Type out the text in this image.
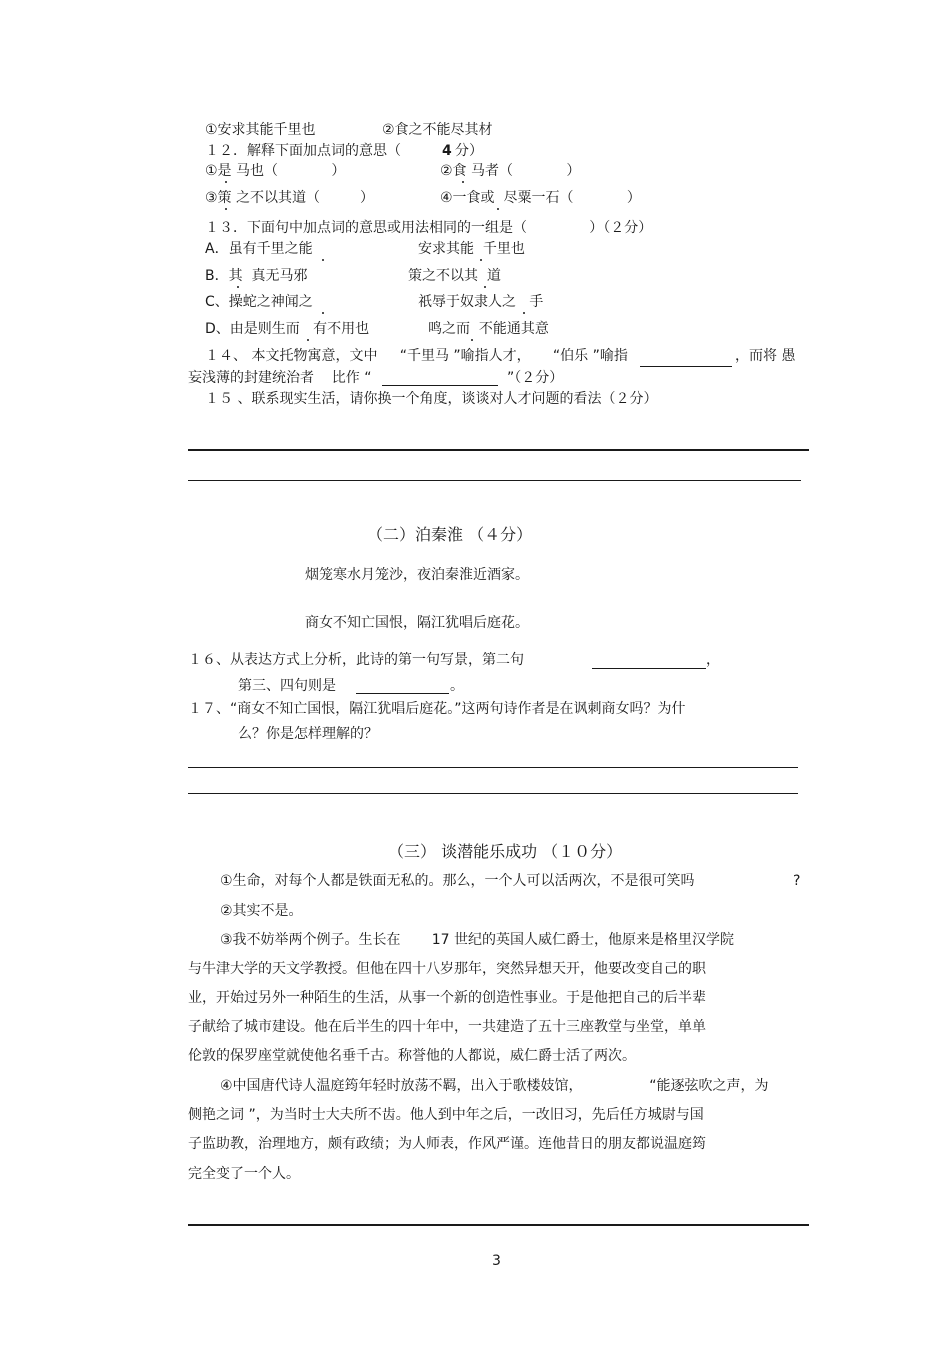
①安求其能千里也	②食之不能尽其材
１２．解释下面加点词的意思（	4 分）
①是 马也（            ）	②食 马者（            ）
③策 之不以其道（         ）	④一食或  尽粟一石（            ）
１３．下面句中加点词的意思或用法相同的一组是（              ）（２分）
A．虽有千里之能	安求其能  千里也
B．其  真无马邪	策之不以其  道
C、操蛇之神闻之	祇辱于奴隶人之   手
D、由是则生而   有不用也	鸣之而  不能通其意
１４、 本文托物寓意，文中     “千里马 ”喻指人才，     “伯乐 ”喻指	，而将 愚
妄浅薄的封建统治者    比作 “	”（２分）
１５ 、联系现实生活，请你换一个角度，谈谈对人才问题的看法（２分）
（二）泊秦淮 （４分）
烟笼寒水月笼沙，夜泊秦淮近酒家。
商女不知亡国恨，隔江犹唱后庭花。
１６、从表达方式上分析，此诗的第一句写景，第二句	，
第三、四句则是	。
１７、“商女不知亡国恨，隔江犹唱后庭花。”这两句诗作者是在讽刺商女吗？为什
么？你是怎样理解的？
（三） 谈潜能乐成功 （１０分）
①生命，对每个人都是铁面无私的。那么，一个人可以活两次，不是很可笑吗	?
②其实不是。
③我不妨举两个例子。生长在       17 世纪的英国人威仁爵士，他原来是格里汉学院
与牛津大学的天文学教授。但他在四十八岁那年，突然异想天开，他要改变自己的职
业，开始过另外一种陌生的生活，从事一个新的创造性事业。于是他把自己的后半辈
子献给了城市建设。他在后半生的四十年中，一共建造了五十三座教堂与坐堂，单单
伦敦的保罗座堂就使他名垂千古。称誉他的人都说，威仁爵士活了两次。
④中国唐代诗人温庭筠年轻时放荡不羁，出入于歌楼妓馆，               “能逐弦吹之声，为
侧艳之词 ”，为当时士大夫所不齿。他人到中年之后，一改旧习，先后任方城尉与国
子监助教，治理地方，颇有政绩；为人师表，作风严谨。连他昔日的朋友都说温庭筠
完全变了一个人。
3
